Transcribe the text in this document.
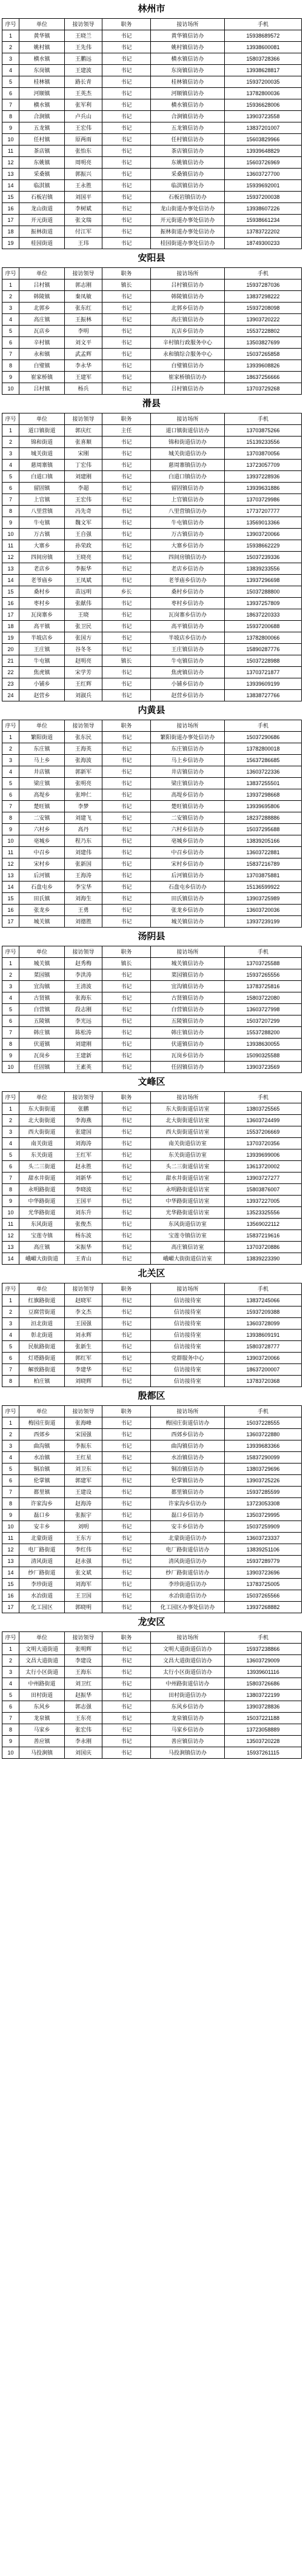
林州市
序号	单位	接访领导	职务	接访场所	手机
1	黄华镇	王晓兰	书记	黄华镇信访办	15938689572
2	姚村镇	王先伟	书记	姚村镇信访办	13938600081
3	横水镇	王鹏远	书记	横水镇信访办	15803728366
4	东岗镇	王建波	书记	东岗镇信访办	13938628817
5	桂林镇	路长青	书记	桂林镇信访办	15937200035
6	河顺镇	王英杰	书记	河顺镇信访办	13782800036
7	横水镇	张军利	书记	横水镇信访办	15936628006
8	合涧镇	卢兵山	书记	合涧镇信访办	13903723558
9	五龙镇	王宏伟	书记	五龙镇信访办	13837201007
10	任村镇	原两雨	书记	任村镇信访办	15603829966
11	茶店镇	张怡东	书记	茶店镇信访办	13939648829
12	东姚镇	周明亮	书记	东姚镇信访办	15603726969
13	采桑镇	郭振兴	书记	采桑镇信访办	13603727700
14	临淇镇	王永胜	书记	临淇镇信访办	15939692001
15	石板岩镇	刘国平	书记	石板岩镇信访办	15937200038
16	龙山街道	李树斌	书记	龙山街道办事处信访办	13938607226
17	开元街道	张文瑞	书记	开元街道办事处信访办	15938661234
18	振林街道	付江军	书记	振林街道办事处信访办	13783722202
19	桂园街道	王玮	书记	桂园街道办事处信访办	18749300233
安阳县
序号	单位	接访领导	职务	接访场所	手机
1	吕村镇	郭志刚	镇长	吕村镇信访办	15937287036
2	韩陵镇	秦凤敏	书记	韩陵镇信访办	13837298222
3	北郭乡	张东红	书记	北郭乡信访办	15937208098
4	高庄镇	王振林	书记	高庄镇信访办	13903720222
5	瓦店乡	李明	书记	瓦店乡信访办	15537228802
6	辛村镇	刘文平	书记	辛村镇行政服务中心	13503827699
7	永和镇	武孟辉	书记	永和镇综合服务中心	15037265858
8	白璧镇	李永华	书记	白璧镇信访办	13939608826
9	崔家桥镇	王建军	书记	崔家桥镇信访办	18637256666
10	吕村镇	杨兵	书记	吕村镇信访办	13703729268
滑县
序号	单位	接访领导	职务	接访场所	手机
1	道口镇街道	郭庆红	主任	道口镇街道信访办	13703875266
2	锦和街道	张喜顺	书记	锦和街道信访办	15139233556
3	城关街道	宋刚	书记	城关街道信访办	13703870056
4	慈周寨镇	丁宏伟	书记	慈周寨镇信访办	13723057709
5	白道口镇	刘建刚	书记	白道口镇信访办	13937228936
6	留固镇	李超	书记	留固镇信访办	13939631886
7	上官镇	王宏伟	书记	上官镇信访办	13703729986
8	八里营镇	冯先奇	书记	八里营镇信访办	17737207777
9	牛屯镇	魏文军	书记	牛屯镇信访办	13569013366
10	万古镇	王自强	书记	万古镇信访办	13903720066
11	大寨乡	孙荣政	书记	大寨乡信访办	15938662229
12	四间房镇	王晓亮	书记	四间房镇信访办	15037239336
13	老店乡	李振华	书记	老店乡信访办	13839233556
14	老爷庙乡	王凤斌	书记	老爷庙乡信访办	13937296698
15	桑村乡	苗远明	乡长	桑村乡信访办	15037288800
16	枣村乡	张献伟	书记	枣村乡信访办	13937257809
17	瓦岗寨乡	王晓	书记	瓦岗寨乡信访办	18637220333
18	高平镇	张卫民	书记	高平镇信访办	15937200688
19	半坡店乡	张国方	书记	半坡店乡信访办	13782800066
20	王庄镇	谷冬冬	书记	王庄镇信访办	15890287776
21	牛屯镇	赵明亮	镇长	牛屯镇信访办	15037228988
22	焦虎镇	宋学芳	书记	焦虎镇信访办	13703721877
23	小铺乡	王红辉	书记	小铺乡信访办	13939609199
24	赵营乡	刘淑兵	书记	赵营乡信访办	13838727766
内黄县
序号	单位	接访领导	职务	接访场所	手机
1	繁阳街道	张东民	书记	繁阳街道办事处信访办	15037290686
2	东庄镇	王海英	书记	东庄镇信访办	13782800018
3	马上乡	张海波	书记	马上乡信访办	15637286685
4	井店镇	郭新军	书记	井店镇信访办	13603722336
5	梁庄镇	张明亮	书记	梁庄镇信访办	13837255501
6	高堤乡	张坤仁	书记	高堤乡信访办	13937298668
7	楚旺镇	李梦	书记	楚旺镇信访办	13939695806
8	二安镇	刘建飞	书记	二安镇信访办	18237288886
9	六村乡	高丹	书记	六村乡信访办	15037295688
10	亳城乡	程乃东	书记	亳城乡信访办	13839205166
11	中召乡	刘建伟	书记	中召乡信访办	13603722881
12	宋村乡	张新国	书记	宋村乡信访办	15837216789
13	后河镇	王海涛	书记	后河镇信访办	13703875881
14	石盘屯乡	李宝华	书记	石盘屯乡信访办	15136599922
15	田氏镇	刘海生	书记	田氏镇信访办	13903725989
16	张龙乡	王勇	书记	张龙乡信访办	13603720036
17	城关镇	刘德胜	书记	城关镇信访办	13937239199
汤阴县
序号	单位	接访领导	职务	接访场所	手机
1	城关镇	赵秀梅	镇长	城关镇信访办	13703725588
2	菜园镇	李洪涛	书记	菜园镇信访办	15937265556
3	宜沟镇	王清波	书记	宜沟镇信访办	13783725816
4	古贤镇	张海东	书记	古贤镇信访办	15803722080
5	白营镇	段志刚	书记	白营镇信访办	13603727998
6	五陵镇	李光远	书记	五陵镇信访办	15037207299
7	韩庄镇	陈松涛	书记	韩庄镇信访办	15537288200
8	伏道镇	刘建刚	书记	伏道镇信访办	13938630055
9	瓦岗乡	王建新	书记	瓦岗乡信访办	15090325588
10	任固镇	王素英	书记	任固镇信访办	13903723569
文峰区
序号	单位	接访领导	职务	接访场所	手机
1	东大街街道	张鹏	书记	东大街街道信访室	13803725565
2	北大街街道	李海燕	书记	北大街街道信访室	13603724499
3	西大街街道	张建国	书记	西大街街道信访室	15537206669
4	南关街道	刘海涛	书记	南关街道信访室	13703720356
5	东关街道	王红军	书记	东关街道信访室	13939699006
6	头二三街道	赵永胜	书记	头二三街道信访室	13613720002
7	甜水井街道	刘新华	书记	甜水井街道信访室	13903727277
8	永明路街道	李晓波	书记	永明路街道信访室	15803876007
9	中华路街道	王国平	书记	中华路街道信访室	13937227005
10	光华路街道	刘东升	书记	光华路街道信访室	13523325556
11	东风街道	张俊杰	书记	东风街道信访室	13569022112
12	宝莲寺镇	杨东波	书记	宝莲寺镇信访室	15837219616
13	高庄镇	宋振华	书记	高庄镇信访室	13703720886
14	峨嵋大街街道	王青山	书记	峨嵋大街街道信访室	13839223390
北关区
序号	单位	接访领导	职务	接访场所	手机
1	红旗路街道	赵晓军	书记	信访接待室	13837245066
2	豆腐营街道	李文杰	书记	信访接待室	15937209388
3	洹北街道	王国强	书记	信访接待室	13603728099
4	彰北街道	刘永辉	书记	信访接待室	13938609191
5	民航路街道	张新生	书记	信访接待室	15803728777
6	灯塔路街道	郭红军	书记	党群服务中心	13903720066
7	解放路街道	李建华	书记	信访接待室	18637200007
8	柏庄镇	刘晓辉	书记	信访接待室	13783720368
殷都区
序号	单位	接访领导	职务	接访场所	手机
1	梅园庄街道	张海峰	书记	梅园庄街道信访办	15037228555
2	西郊乡	宋国强	书记	西郊乡信访办	13603722880
3	曲沟镇	李振东	书记	曲沟镇信访办	13939683366
4	水冶镇	王红星	书记	水冶镇信访办	15837290099
5	铜冶镇	刘卫东	书记	铜冶镇信访办	13803729696
6	伦掌镇	郭建军	书记	伦掌镇信访办	13903725226
7	都里镇	王建设	书记	都里镇信访办	15937285599
8	许家沟乡	赵海涛	书记	许家沟乡信访办	13723053308
9	磊口乡	张振宇	书记	磊口乡信访办	13503729995
10	安丰乡	刘明	书记	安丰乡信访办	15037259909
11	北蒙街道	王东方	书记	北蒙街道信访办	13603723337
12	电厂路街道	李红伟	书记	电厂路街道信访办	13839251106
13	清风街道	赵永强	书记	清风街道信访办	15937289779
14	纱厂路街道	张文斌	书记	纱厂路街道信访办	13903723696
15	李珍街道	刘海军	书记	李珍街道信访办	13783725005
16	水冶街道	王卫国	书记	水冶街道信访办	15037265566
17	化工园区	郭晓明	书记	化工园区办事处信访办	13937268882
龙安区
序号	单位	接访领导	职务	接访场所	手机
1	文明大道街道	张明辉	书记	文明大道街道信访办	15937238866
2	文昌大道街道	李建设	书记	文昌大道街道信访办	13603729009
3	太行小区街道	王海东	书记	太行小区街道信访办	13939601116
4	中州路街道	刘卫红	书记	中州路街道信访办	15803726686
5	田村街道	赵振华	书记	田村街道信访办	13803722199
6	东风乡	郭志强	书记	东风乡信访办	13903728836
7	龙泉镇	王东亮	书记	龙泉镇信访办	15037221188
8	马家乡	张宏伟	书记	马家乡信访办	13723058889
9	善应镇	李永刚	书记	善应镇信访办	13503720228
10	马投涧镇	刘国庆	书记	马投涧镇信访办	15937261115
